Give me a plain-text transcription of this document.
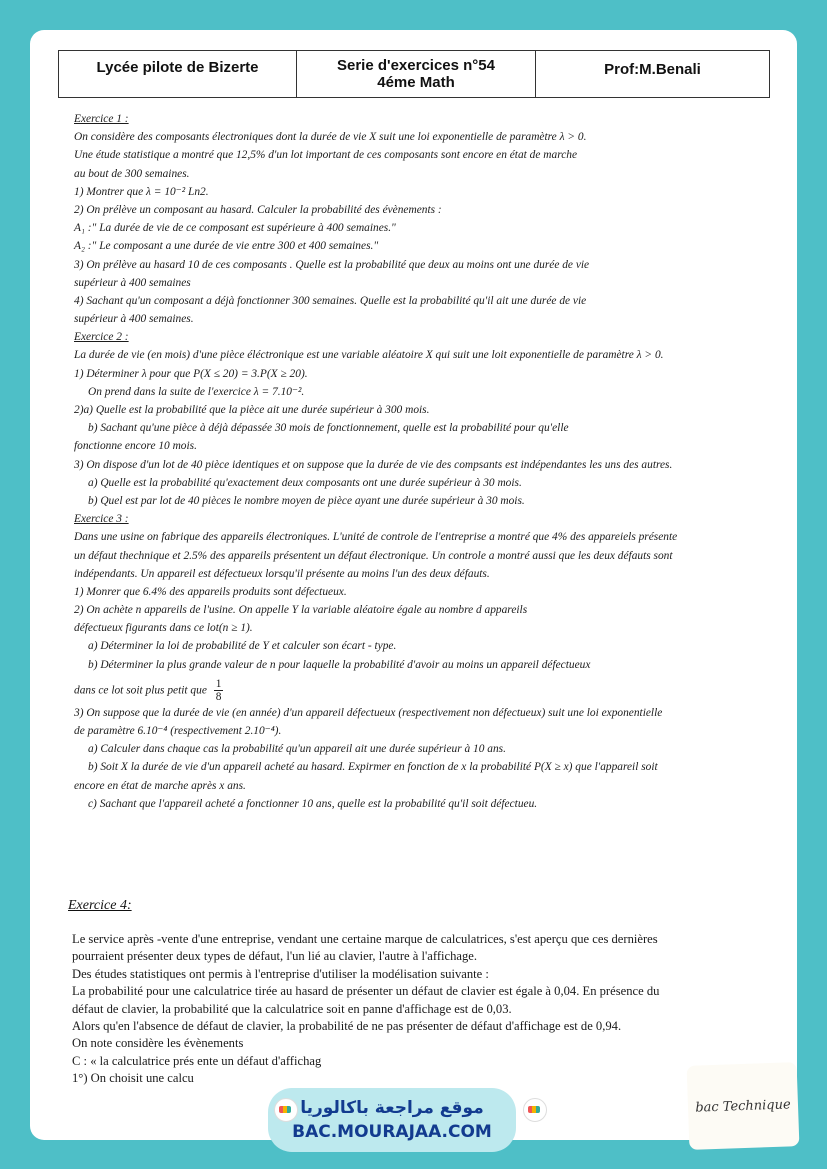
Lycée pilote de Bizerte	Serie d'exercices n°54
4éme Math
Prof:M.Benali
Exercice 1 :
On considère des composants électroniques dont la durée de vie X suit une loi exponentielle de paramètre λ > 0.
Une étude statistique a montré que 12,5% d'un lot important de ces composants sont encore en état de marche
au bout de 300 semaines.
1) Montrer que λ = 10⁻² Ln2.
2) On prélève un composant au hasard. Calculer la probabilité des évènements :
A₁ :" La durée de vie de ce composant est supérieure à 400 semaines."
A₂ :" Le composant a une durée de vie entre 300 et 400 semaines."
3) On prélève au hasard 10 de ces composants . Quelle est la probabilité que deux au moins ont une durée de vie
supérieur à 400 semaines
4) Sachant qu'un composant a déjà fonctionner 300 semaines. Quelle est la probabilité qu'il ait une durée de vie
supérieur à 400 semaines.
Exercice 2 :
La durée de vie (en mois) d'une pièce éléctronique est une variable aléatoire X qui suit une loit exponentielle de paramètre λ > 0.
1) Déterminer λ pour que P(X ≤ 20) = 3.P(X ≥ 20).
On prend dans la suite de l'exercice λ = 7.10⁻².
2)a) Quelle est la probabilité que la pièce ait une durée supérieur à 300 mois.
b) Sachant qu'une pièce à déjà dépassée 30 mois de fonctionnement, quelle est la probabilité pour qu'elle
fonctionne encore 10 mois.
3) On dispose d'un lot de 40 pièce identiques et on suppose que la durée de vie des compsants est indépendantes les uns des autres.
a) Quelle est la probabilité qu'exactement deux composants ont une durée supérieur à 30 mois.
b) Quel est par lot de 40 pièces le nombre moyen de pièce ayant une durée supérieur à 30 mois.
Exercice 3 :
Dans une usine on fabrique des appareils électroniques. L'unité de controle de l'entreprise a montré que 4% des appareiels présente
un défaut thechnique et 2.5% des appareils présentent un défaut électronique. Un controle a montré aussi que les deux défauts sont
indépendants. Un appareil est défectueux lorsqu'il présente au moins l'un des deux défauts.
1) Monrer que 6.4% des appareils produits sont défectueux.
2) On achète n appareils de l'usine. On appelle Y la variable aléatoire égale au nombre d appareils
défectueux figurants dans ce lot(n ≥ 1).
a) Déterminer la loi de probabilité de Y et calculer son écart - type.
b) Déterminer la plus grande valeur de n pour laquelle la probabilité d'avoir au moins un appareil défectueux
dans ce lot soit plus petit que $\frac{1}{8}$
3) On suppose que la durée de vie (en année) d'un appareil défectueux (respectivement non défectueux) suit une loi exponentielle
de paramètre 6.10⁻⁴ (respectivement 2.10⁻⁴).
a) Calculer dans chaque cas la probabilité qu'un appareil ait une durée supérieur à 10 ans.
b) Soit X la durée de vie d'un appareil acheté au hasard. Expirmer en fonction de x la probabilité P(X ≥ x) que l'appareil soit
encore en état de marche après x ans.
c) Sachant que l'appareil acheté a fonctionner 10 ans, quelle est la probabilité qu'il soit défectueu.
Exercice 4:
Le service après -vente d'une entreprise, vendant une certaine marque de calculatrices, s'est aperçu que ces dernières
pourraient présenter deux types de défaut, l'un lié au clavier, l'autre à l'affichage.
Des études statistiques ont permis à l'entreprise d'utiliser la modélisation suivante :
La probabilité pour une calculatrice tirée au hasard de présenter un défaut de clavier est égale à 0,04. En présence du
défaut de clavier, la probabilité que la calculatrice soit en panne d'affichage est de 0,03.
Alors qu'en l'absence de défaut de clavier, la probabilité de ne pas présenter de défaut d'affichage est de 0,94.
On note considère les évènements
C : « la calculatrice prés ente un défaut d'affichag
1°) On choisit une calcu
موقع مراجعة باكالوريا
BAC.MOURAJAA.COM
bac Technique
